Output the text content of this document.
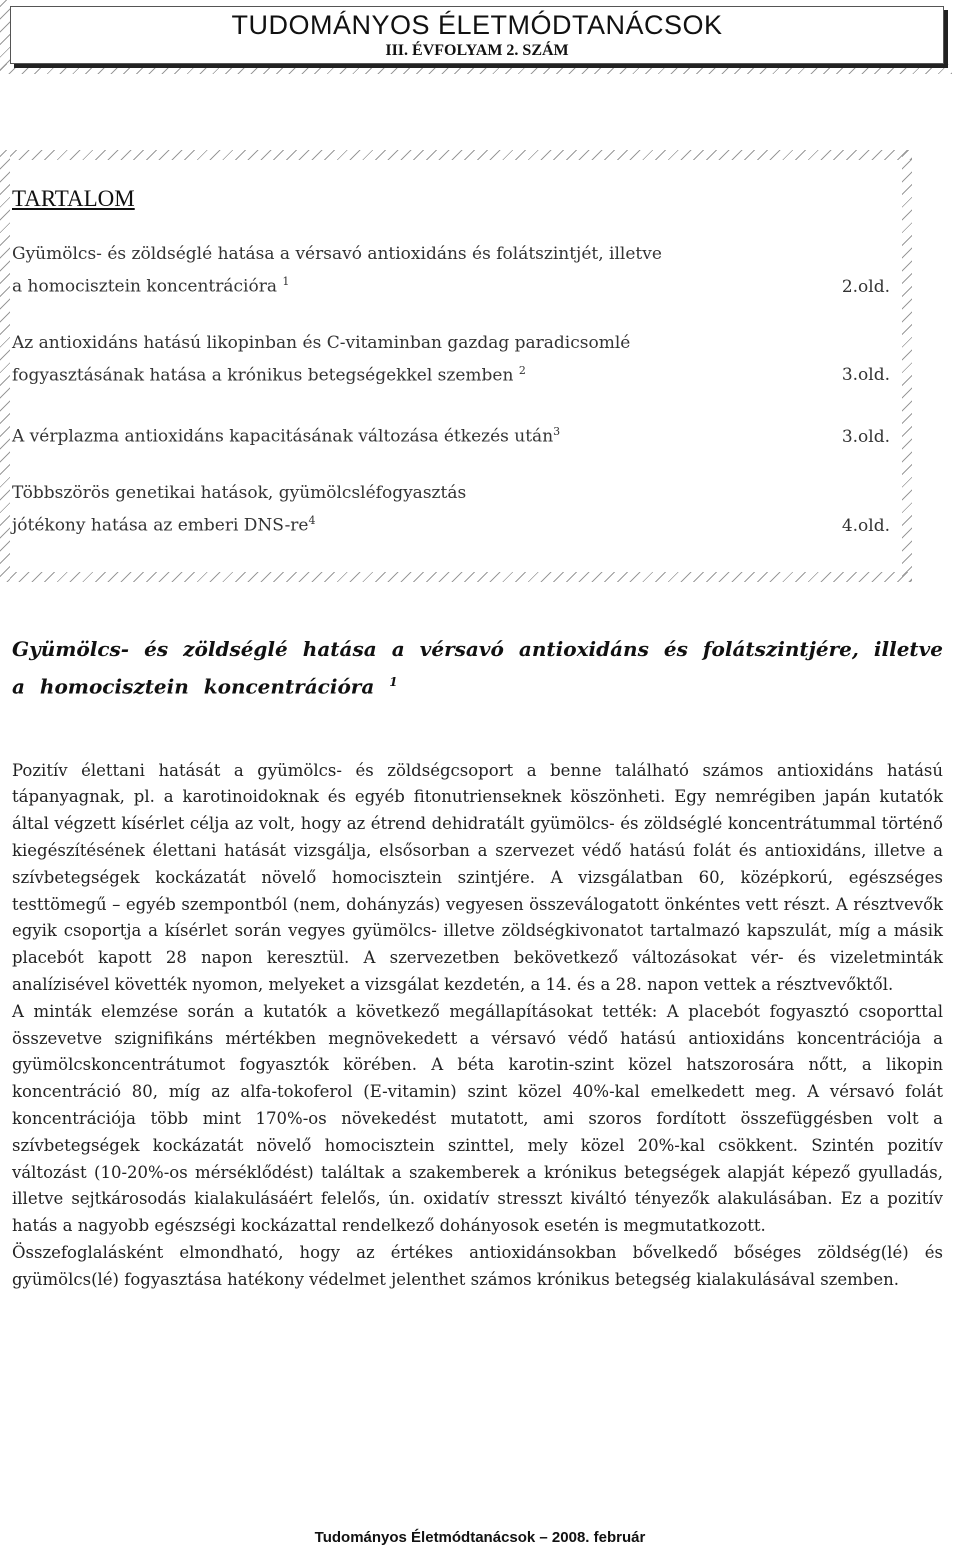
TUDOMÁNYOS ÉLETMÓDTANÁCSOK
III. ÉVFOLYAM 2. SZÁM
TARTALOM
Gyümölcs- és zöldséglé hatása a vérsavó antioxidáns és folátszintjét, illetve
a homocisztein koncentrációra $^1$	2.old.
Az antioxidáns hatású likopinban és C-vitaminban gazdag paradicsomlé
fogyasztásának hatása a krónikus betegségekkel szemben $^2$	3.old.
A vérplazma antioxidáns kapacitásának változása étkezés után$^3$	3.old.
Többszörös genetikai hatások, gyümölcsléfogyasztás
jótékony hatása az emberi DNS-$re^4$	4.old.
Gyümölcs- és zöldséglé hatása a vérsavó antioxidáns és folátszintjére, illetve a homocisztein koncentrációra $^1$

Pozitív élettani hatását a gyümölcs- és zöldségcsoport a benne található számos antioxidáns hatású tápanyagnak, pl. a karotinoidoknak és egyéb fitonutrienseknek köszönheti. Egy nemrégiben japán kutatók által végzett kísérlet célja az volt, hogy az étrend dehidratált gyümölcs- és zöldséglé koncentrátummal történő kiegészítésének élettani hatását vizsgálja, elsősorban a szervezet védő hatású folát és antioxidáns, illetve a szívbetegségek kockázatát növelő homocisztein szintjére. A vizsgálatban 60, középkorú, egészséges testtömegű – egyéb szempontból (nem, dohányzás) vegyesen összeválogatott önkéntes vett részt. A résztvevők egyik csoportja a kísérlet során vegyes gyümölcs- illetve zöldségkivonatot tartalmazó kapszulát, míg a másik placebót kapott 28 napon keresztül. A szervezetben bekövetkező változásokat vér- és vizeletminták analízisével követték nyomon, melyeket a vizsgálat kezdetén, a 14. és a 28. napon vettek a résztvevőktől.

A minták elemzése során a kutatók a következő megállapításokat tették: A placebót fogyasztó csoporttal összevetve szignifikáns mértékben megnövekedett a vérsavó védő hatású antioxidáns koncentrációja a gyümölcskoncentrátumot fogyasztók körében. A béta karotin-szint közel hatszorosára nőtt, a likopin koncentráció 80, míg az alfa-tokoferol (E-vitamin) szint közel 40%-kal emelkedett meg. A vérsavó folát koncentrációja több mint 170%-os növekedést mutatott, ami szoros fordított összefüggésben volt a szívbetegségek kockázatát növelő homocisztein szinttel, mely közel 20%-kal csökkent. Szintén pozitív változást (10-20%-os mérséklődést) találtak a szakemberek a krónikus betegségek alapját képező gyulladás, illetve sejtkárosodás kialakulásáért felelős, ún. oxidatív stresszt kiváltó tényezők alakulásában. Ez a pozitív hatás a nagyobb egészségi kockázattal rendelkező dohányosok esetén is megmutatkozott.

Összefoglalásként elmondható, hogy az értékes antioxidánsokban bővelkedő bőséges zöldség(lé) és gyümölcs(lé) fogyasztása hatékony védelmet jelenthet számos krónikus betegség kialakulásával szemben.

Tudományos Életmódtanácsok – 2008. február
